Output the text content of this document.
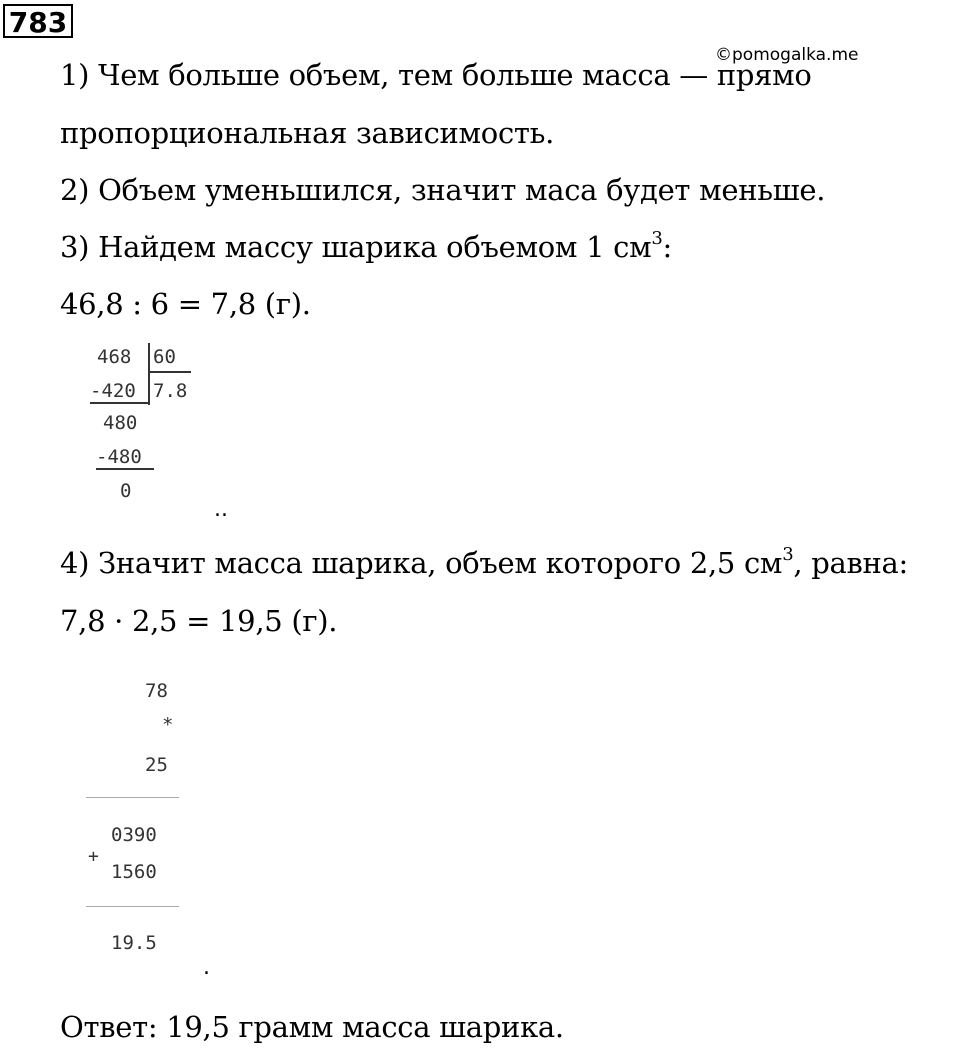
783
©pomogalka.me
1) Чем больше объем, тем больше масса — прямо
пропорциональная зависимость.
2) Объем уменьшился, значит маса будет меньше.
3) Найдем массу шарика объемом 1 $см^3$:
46,8 : 6 = 7,8 (г).
468 60
-420 7.8
480
-480
0
..
4) Значит масса шарика, объем которого 2,5 $см^3$, равна:
7,8 · 2,5 = 19,5 (г).
78
*
25
0390
+
1560
19.5
.
Ответ: 19,5 грамм масса шарика.
